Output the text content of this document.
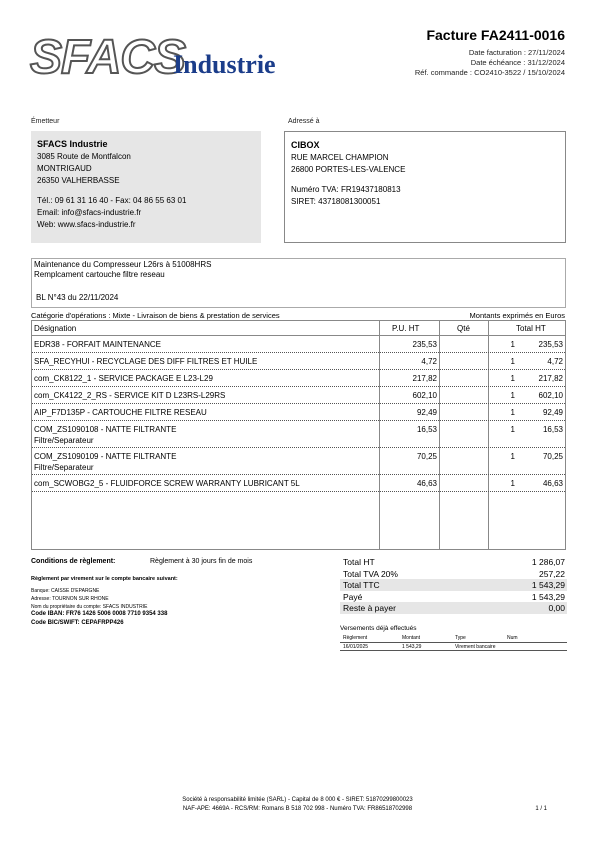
SFACS
Industrie
Facture FA2411-0016
Date facturation : 27/11/2024
Date échéance : 31/12/2024
Réf. commande : CO2410-3522 / 15/10/2024
Émetteur	Adressé à
SFACS Industrie
3085 Route de Montfalcon
MONTRIGAUD
26350 VALHERBASSE
Tél.: 09 61 31 16 40 - Fax: 04 86 55 63 01
Email: info@sfacs-industrie.fr
Web: www.sfacs-industrie.fr
CIBOX
RUE MARCEL CHAMPION
26800 PORTES-LES-VALENCE
Numéro TVA: FR19437180813
SIRET: 43718081300051
Maintenance du Compresseur L26rs à 51008HRS
Remplcament cartouche filtre reseau
BL N°43 du 22/11/2024
Catégorie d'opérations : Mixte - Livraison de biens & prestation de services	Montants exprimés en Euros
Désignation	P.U. HT	Qté	Total HT
EDR38 - FORFAIT MAINTENANCE	235,53	1	235,53
SFA_RECYHUI - RECYCLAGE DES DIFF FILTRES ET HUILE	4,72	1	4,72
com_CK8122_1 - SERVICE PACKAGE E L23-L29	217,82	1	217,82
com_CK4122_2_RS - SERVICE KIT D L23RS-L29RS	602,10	1	602,10
AIP_F7D135P - CARTOUCHE FILTRE RESEAU	92,49	1	92,49
COM_ZS1090108 - NATTE FILTRANTE
Filtre/Separateur
16,53	1	16,53
COM_ZS1090109 - NATTE FILTRANTE
Filtre/Separateur
70,25	1	70,25
com_SCWOBG2_5 - FLUIDFORCE SCREW WARRANTY LUBRICANT 5L	46,63	1	46,63
Conditions de règlement:	Règlement à 30 jours fin de mois
Règlement par virement sur le compte bancaire suivant:
Banque: CAISSE D'EPARGNE
Adresse: TOURNON SUR RHONE
Nom du propriétaire du compte: SFACS INDUSTRIE
Code IBAN: FR76 1426 5006 0008 7710 9354 338
Code BIC/SWIFT: CEPAFRPP426
Total HT	1 286,07
Total TVA 20%	257,22
Total TTC	1 543,29
Payé	1 543,29
Reste à payer	0,00
Versements déjà effectués
Règlement	Montant	Type	Num
16/01/2025	1 543,29	Virement bancaire
Société à responsabilité limitée (SARL) - Capital de 8 000 € - SIRET: 51870299800023
NAF-APE: 4669A - RCS/RM: Romans B 518 702 998 - Numéro TVA: FR86518702998	1 / 1
